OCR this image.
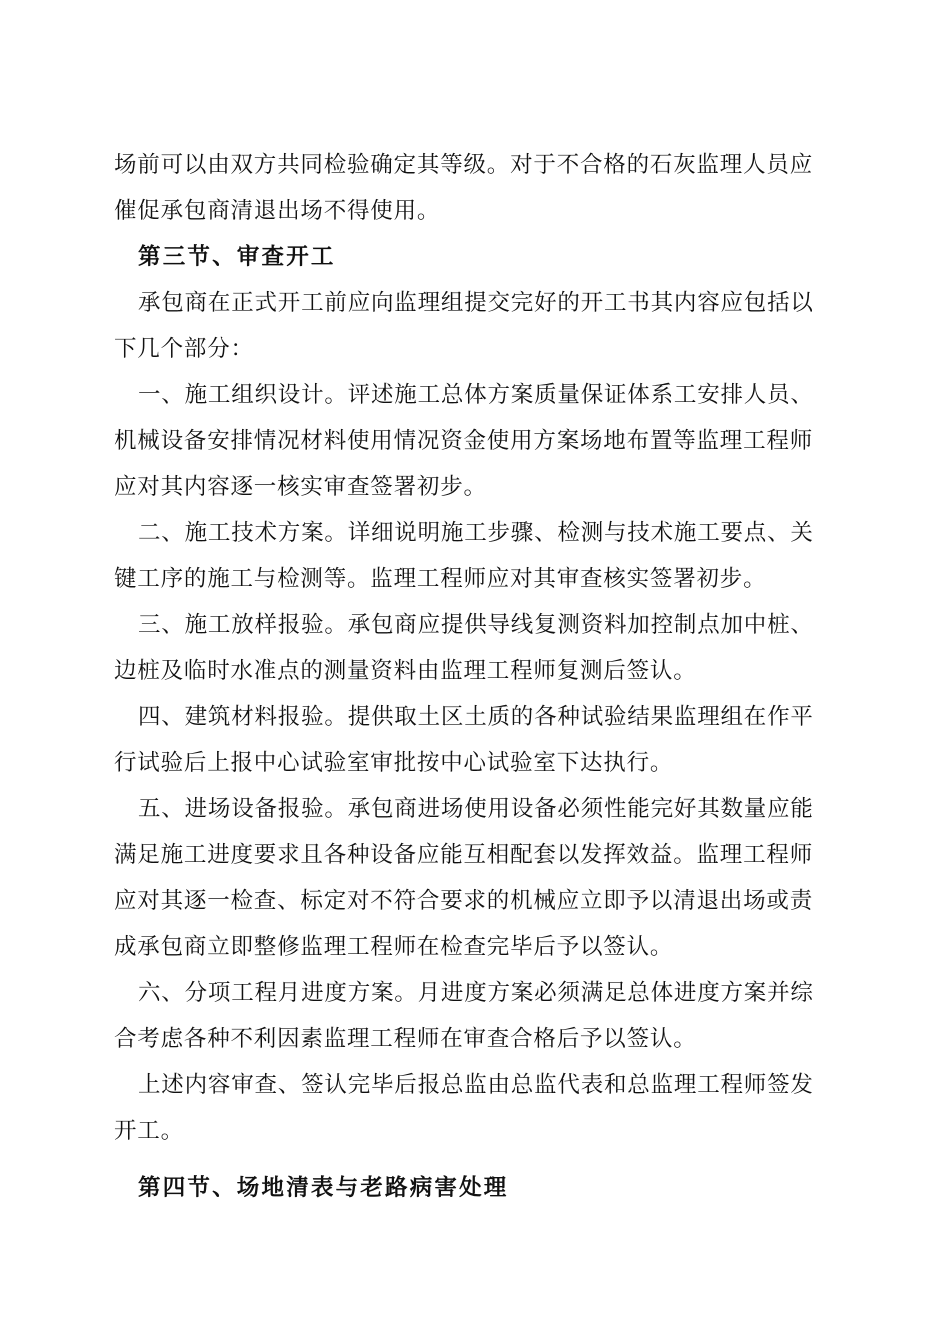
场前可以由双方共同检验确定其等级。对于不合格的石灰监理人员应
催促承包商清退出场不得使用。
第三节、审查开工
承包商在正式开工前应向监理组提交完好的开工书其内容应包括以
下几个部分：
一、施工组织设计。评述施工总体方案质量保证体系工安排人员、
机械设备安排情况材料使用情况资金使用方案场地布置等监理工程师
应对其内容逐一核实审查签署初步。
二、施工技术方案。详细说明施工步骤、检测与技术施工要点、关
键工序的施工与检测等。监理工程师应对其审查核实签署初步。
三、施工放样报验。承包商应提供导线复测资料加控制点加中桩、
边桩及临时水准点的测量资料由监理工程师复测后签认。
四、建筑材料报验。提供取土区土质的各种试验结果监理组在作平
行试验后上报中心试验室审批按中心试验室下达执行。
五、进场设备报验。承包商进场使用设备必须性能完好其数量应能
满足施工进度要求且各种设备应能互相配套以发挥效益。监理工程师
应对其逐一检查、标定对不符合要求的机械应立即予以清退出场或责
成承包商立即整修监理工程师在检查完毕后予以签认。
六、分项工程月进度方案。月进度方案必须满足总体进度方案并综
合考虑各种不利因素监理工程师在审查合格后予以签认。
上述内容审查、签认完毕后报总监由总监代表和总监理工程师签发
开工。
第四节、场地清表与老路病害处理
